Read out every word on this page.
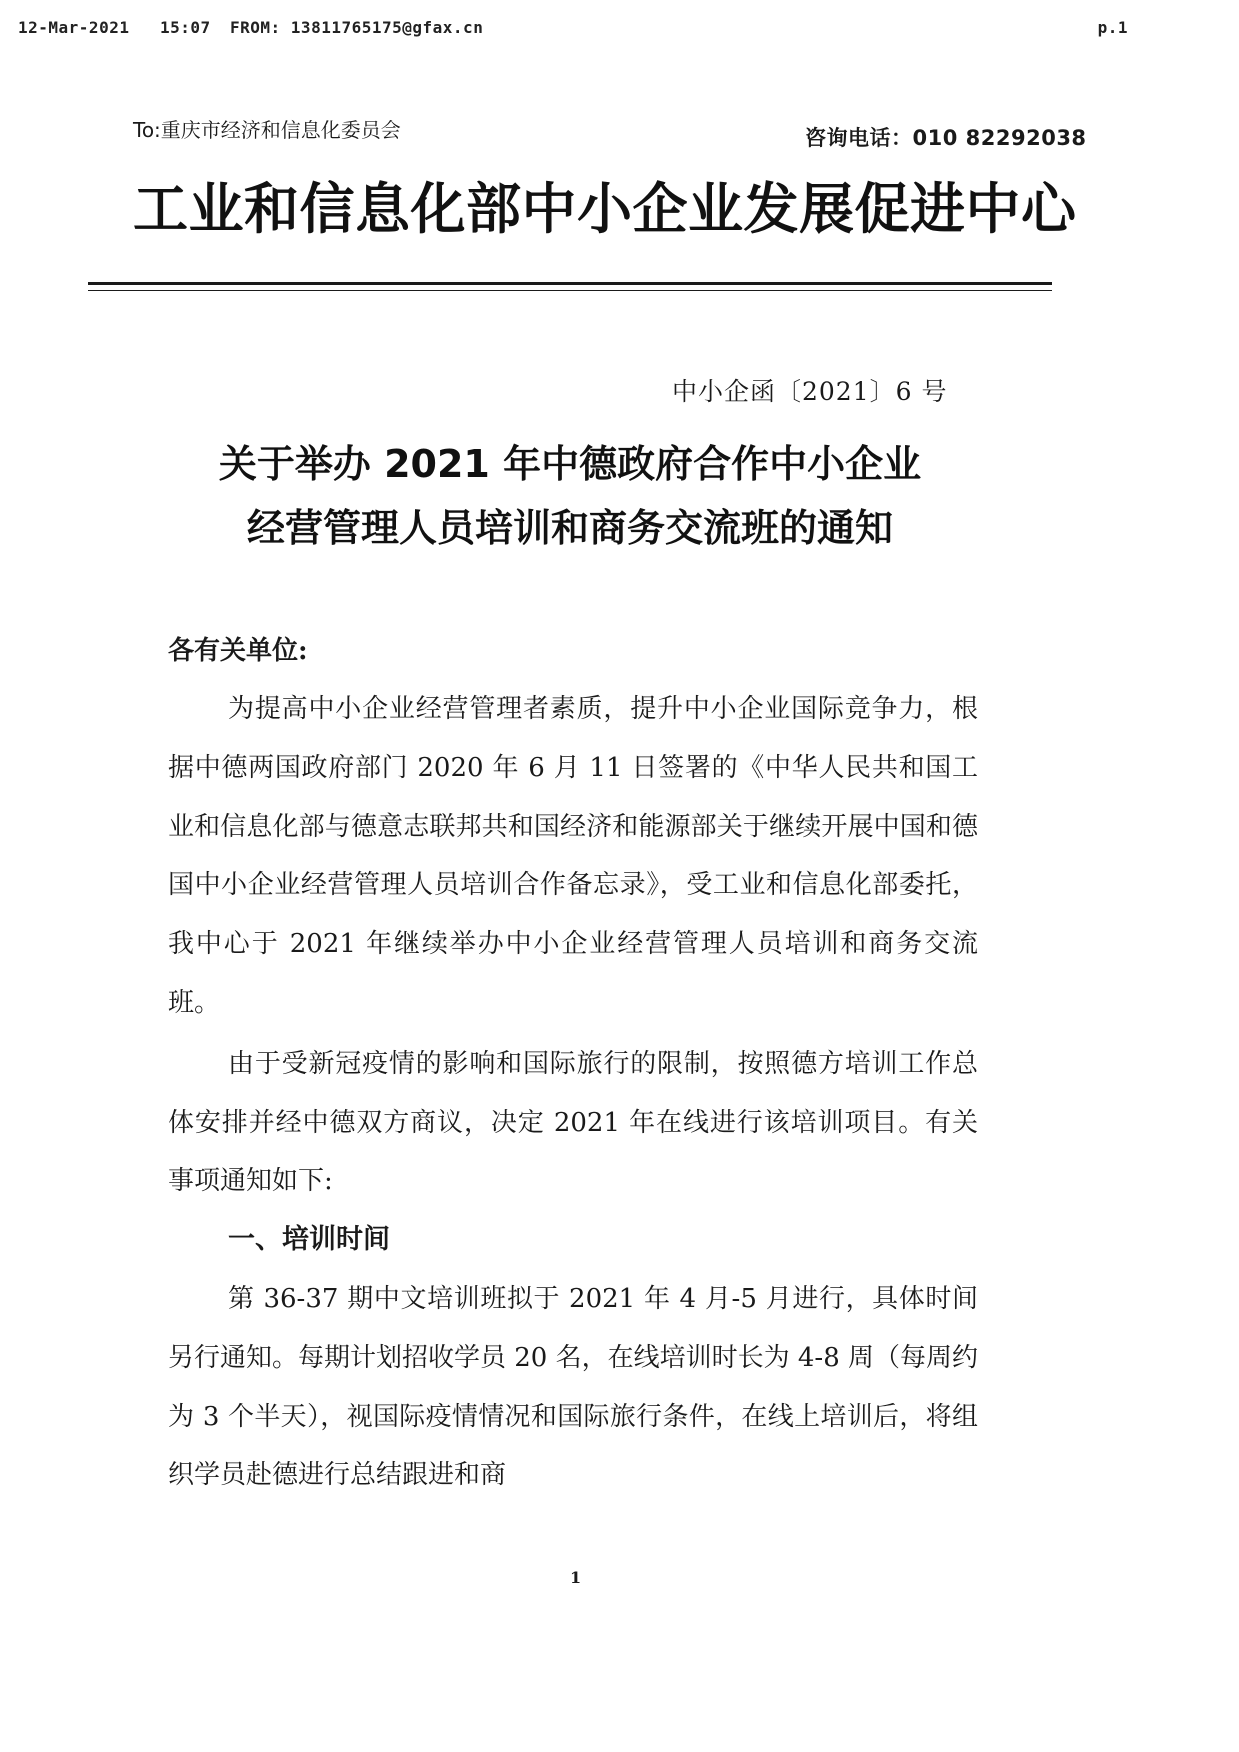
12-Mar-2021 15:07 FROM: 13811765175@gfax.cn	p.1
To:重庆市经济和信息化委员会	咨询电话：010 82292038
工业和信息化部中小企业发展促进中心
中小企函〔2021〕6 号
关于举办 2021 年中德政府合作中小企业
经营管理人员培训和商务交流班的通知
各有关单位:

为提高中小企业经营管理者素质，提升中小企业国际竞争力，根据中德两国政府部门 2020 年 6 月 11 日签署的《中华人民共和国工业和信息化部与德意志联邦共和国经济和能源部关于继续开展中国和德国中小企业经营管理人员培训合作备忘录》，受工业和信息化部委托，我中心于 2021 年继续举办中小企业经营管理人员培训和商务交流班。

由于受新冠疫情的影响和国际旅行的限制，按照德方培训工作总体安排并经中德双方商议，决定 2021 年在线进行该培训项目。有关事项通知如下:

一、培训时间

第 36-37 期中文培训班拟于 2021 年 4 月-5 月进行，具体时间另行通知。每期计划招收学员 20 名，在线培训时长为 4-8 周（每周约为 3 个半天），视国际疫情情况和国际旅行条件，在线上培训后，将组织学员赴德进行总结跟进和商

1
